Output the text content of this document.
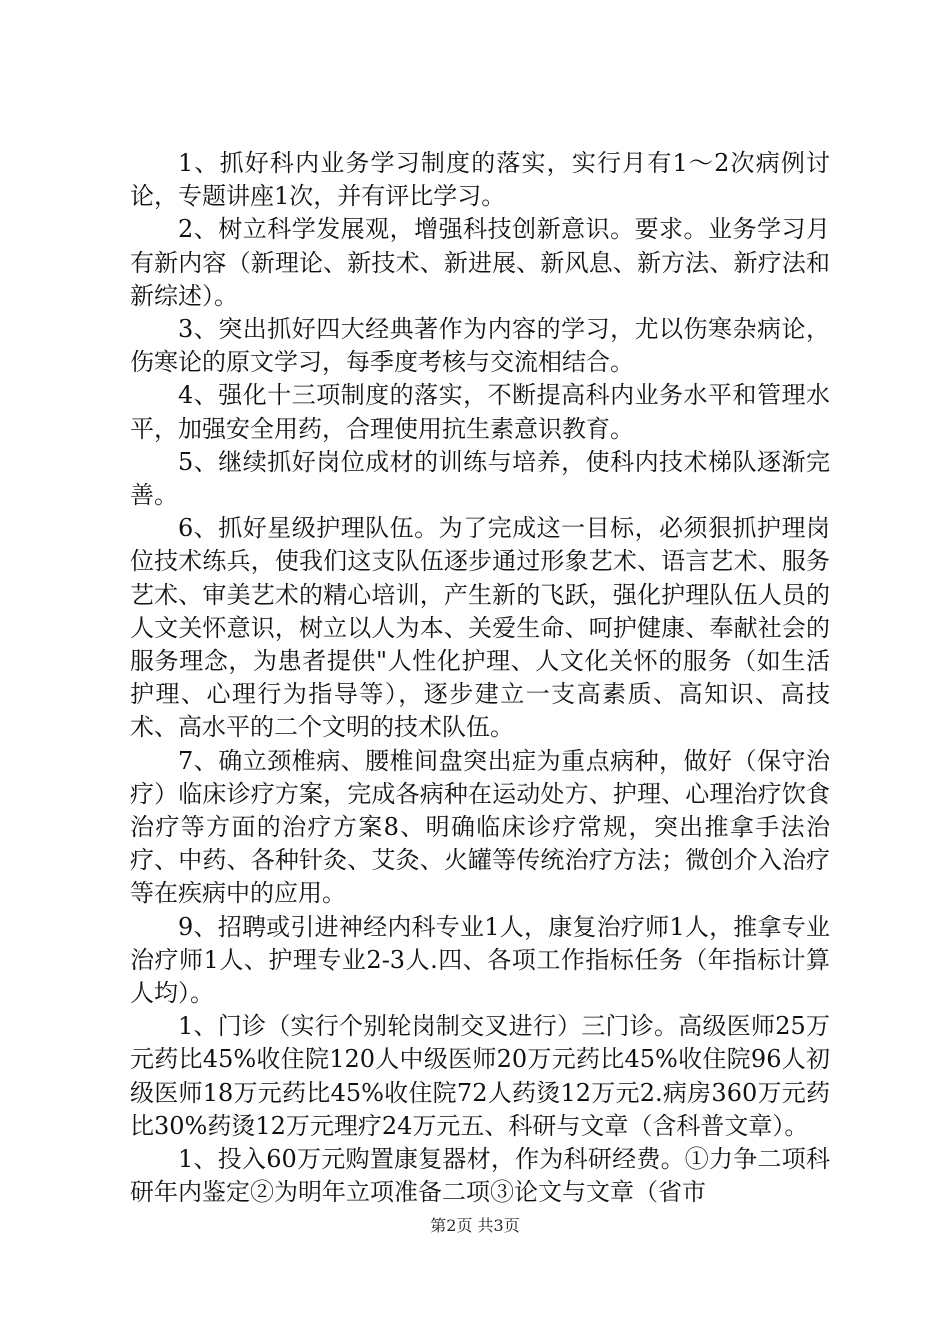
1、抓好科内业务学习制度的落实，实行月有1～2次病例讨论，专题讲座1次，并有评比学习。

2、树立科学发展观，增强科技创新意识。要求。业务学习月有新内容（新理论、新技术、新进展、新风息、新方法、新疗法和新综述）。

3、突出抓好四大经典著作为内容的学习，尤以伤寒杂病论，伤寒论的原文学习，每季度考核与交流相结合。

4、强化十三项制度的落实，不断提高科内业务水平和管理水平，加强安全用药，合理使用抗生素意识教育。

5、继续抓好岗位成材的训练与培养，使科内技术梯队逐渐完善。

6、抓好星级护理队伍。为了完成这一目标，必须狠抓护理岗位技术练兵，使我们这支队伍逐步通过形象艺术、语言艺术、服务艺术、审美艺术的精心培训，产生新的飞跃，强化护理队伍人员的人文关怀意识，树立以人为本、关爱生命、呵护健康、奉献社会的服务理念，为患者提供"人性化护理、人文化关怀的服务（如生活护理、心理行为指导等），逐步建立一支高素质、高知识、高技术、高水平的二个文明的技术队伍。

7、确立颈椎病、腰椎间盘突出症为重点病种，做好（保守治疗）临床诊疗方案，完成各病种在运动处方、护理、心理治疗饮食治疗等方面的治疗方案8、明确临床诊疗常规，突出推拿手法治疗、中药、各种针灸、艾灸、火罐等传统治疗方法；微创介入治疗等在疾病中的应用。

9、招聘或引进神经内科专业1人，康复治疗师1人，推拿专业治疗师1人、护理专业2-3人.四、各项工作指标任务（年指标计算人均）。

1、门诊（实行个别轮岗制交叉进行）三门诊。高级医师25万元药比45%收住院120人中级医师20万元药比45%收住院96人初级医师18万元药比45%收住院72人药烫12万元2.病房360万元药比30%药烫12万元理疗24万元五、科研与文章（含科普文章）。

1、投入60万元购置康复器材，作为科研经费。①力争二项科研年内鉴定②为明年立项准备二项③论文与文章（省市

第2页 共3页
